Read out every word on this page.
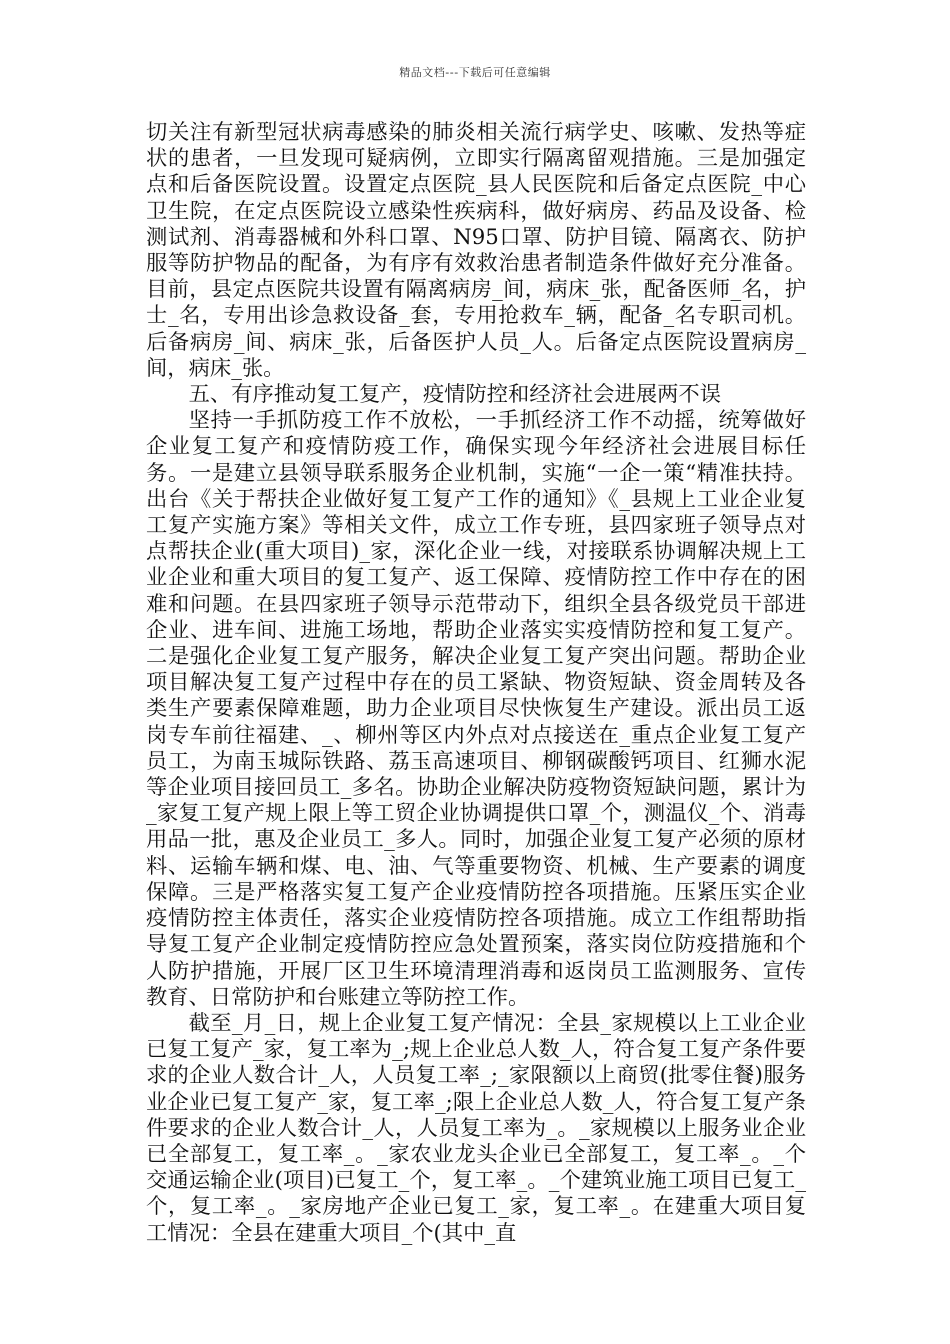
精品文档---下载后可任意编辑

切关注有新型冠状病毒感染的肺炎相关流行病学史、咳嗽、发热等症状的患者，一旦发现可疑病例，立即实行隔离留观措施。三是加强定点和后备医院设置。设置定点医院_县人民医院和后备定点医院_中心卫生院，在定点医院设立感染性疾病科，做好病房、药品及设备、检测试剂、消毒器械和外科口罩、N95口罩、防护目镜、隔离衣、防护服等防护物品的配备，为有序有效救治患者制造条件做好充分准备。目前，县定点医院共设置有隔离病房_间，病床_张，配备医师_名，护士_名，专用出诊急救设备_套，专用抢救车_辆，配备_名专职司机。后备病房_间、病床_张，后备医护人员_人。后备定点医院设置病房_间，病床_张。

五、有序推动复工复产，疫情防控和经济社会进展两不误

坚持一手抓防疫工作不放松，一手抓经济工作不动摇，统筹做好企业复工复产和疫情防疫工作，确保实现今年经济社会进展目标任务。一是建立县领导联系服务企业机制，实施“一企一策“精准扶持。出台《关于帮扶企业做好复工复产工作的通知》《_县规上工业企业复工复产实施方案》等相关文件，成立工作专班，县四家班子领导点对点帮扶企业(重大项目)_家，深化企业一线，对接联系协调解决规上工业企业和重大项目的复工复产、返工保障、疫情防控工作中存在的困难和问题。在县四家班子领导示范带动下，组织全县各级党员干部进企业、进车间、进施工场地，帮助企业落实实疫情防控和复工复产。二是强化企业复工复产服务，解决企业复工复产突出问题。帮助企业项目解决复工复产过程中存在的员工紧缺、物资短缺、资金周转及各类生产要素保障难题，助力企业项目尽快恢复生产建设。派出员工返岗专车前往福建、_、柳州等区内外点对点接送在_重点企业复工复产员工，为南玉城际铁路、荔玉高速项目、柳钢碳酸钙项目、红狮水泥等企业项目接回员工_多名。协助企业解决防疫物资短缺问题，累计为_家复工复产规上限上等工贸企业协调提供口罩_个，测温仪_个、消毒用品一批，惠及企业员工_多人。同时，加强企业复工复产必须的原材料、运输车辆和煤、电、油、气等重要物资、机械、生产要素的调度保障。三是严格落实复工复产企业疫情防控各项措施。压紧压实企业疫情防控主体责任，落实企业疫情防控各项措施。成立工作组帮助指导复工复产企业制定疫情防控应急处置预案，落实岗位防疫措施和个人防护措施，开展厂区卫生环境清理消毒和返岗员工监测服务、宣传教育、日常防护和台账建立等防控工作。

截至_月_日，规上企业复工复产情况：全县_家规模以上工业企业已复工复产_家，复工率为_;规上企业总人数_人，符合复工复产条件要求的企业人数合计_人，人员复工率_;_家限额以上商贸(批零住餐)服务业企业已复工复产_家，复工率_;限上企业总人数_人，符合复工复产条件要求的企业人数合计_人，人员复工率为_。_家规模以上服务业企业已全部复工，复工率_。_家农业龙头企业已全部复工，复工率_。_个交通运输企业(项目)已复工_个，复工率_。_个建筑业施工项目已复工_个，复工率_。_家房地产企业已复工_家，复工率_。在建重大项目复工情况：全县在建重大项目_个(其中_直
